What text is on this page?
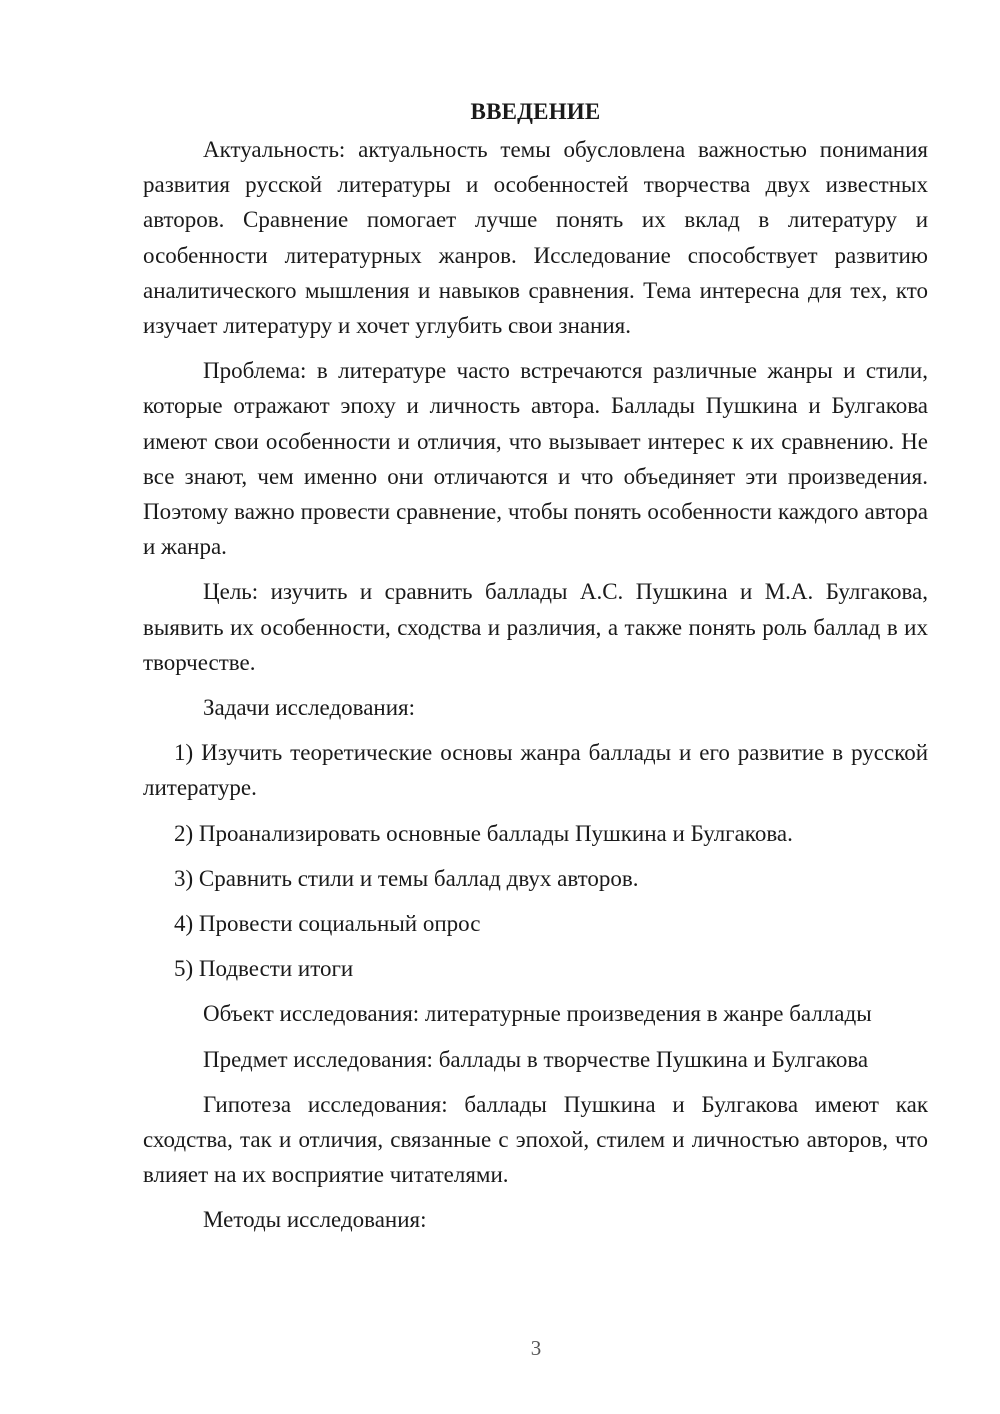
ВВЕДЕНИЕ

Актуальность: актуальность темы обусловлена важностью понимания развития русской литературы и особенностей творчества двух известных авторов. Сравнение помогает лучше понять их вклад в литературу и особенности литературных жанров. Исследование способствует развитию аналитического мышления и навыков сравнения. Тема интересна для тех, кто изучает литературу и хочет углубить свои знания.

Проблема: в литературе часто встречаются различные жанры и стили, которые отражают эпоху и личность автора. Баллады Пушкина и Булгакова имеют свои особенности и отличия, что вызывает интерес к их сравнению. Не все знают, чем именно они отличаются и что объединяет эти произведения. Поэтому важно провести сравнение, чтобы понять особенности каждого автора и жанра.

Цель: изучить и сравнить баллады А.С. Пушкина и М.А. Булгакова, выявить их особенности, сходства и различия, а также понять роль баллад в их творчестве.

Задачи исследования:

1) Изучить теоретические основы жанра баллады и его развитие в русской литературе.

2) Проанализировать основные баллады Пушкина и Булгакова.

3) Сравнить стили и темы баллад двух авторов.

4) Провести социальный опрос

5) Подвести итоги

Объект исследования: литературные произведения в жанре баллады

Предмет исследования: баллады в творчестве Пушкина и Булгакова

Гипотеза исследования: баллады Пушкина и Булгакова имеют как сходства, так и отличия, связанные с эпохой, стилем и личностью авторов, что влияет на их восприятие читателями.

Методы исследования:

3
